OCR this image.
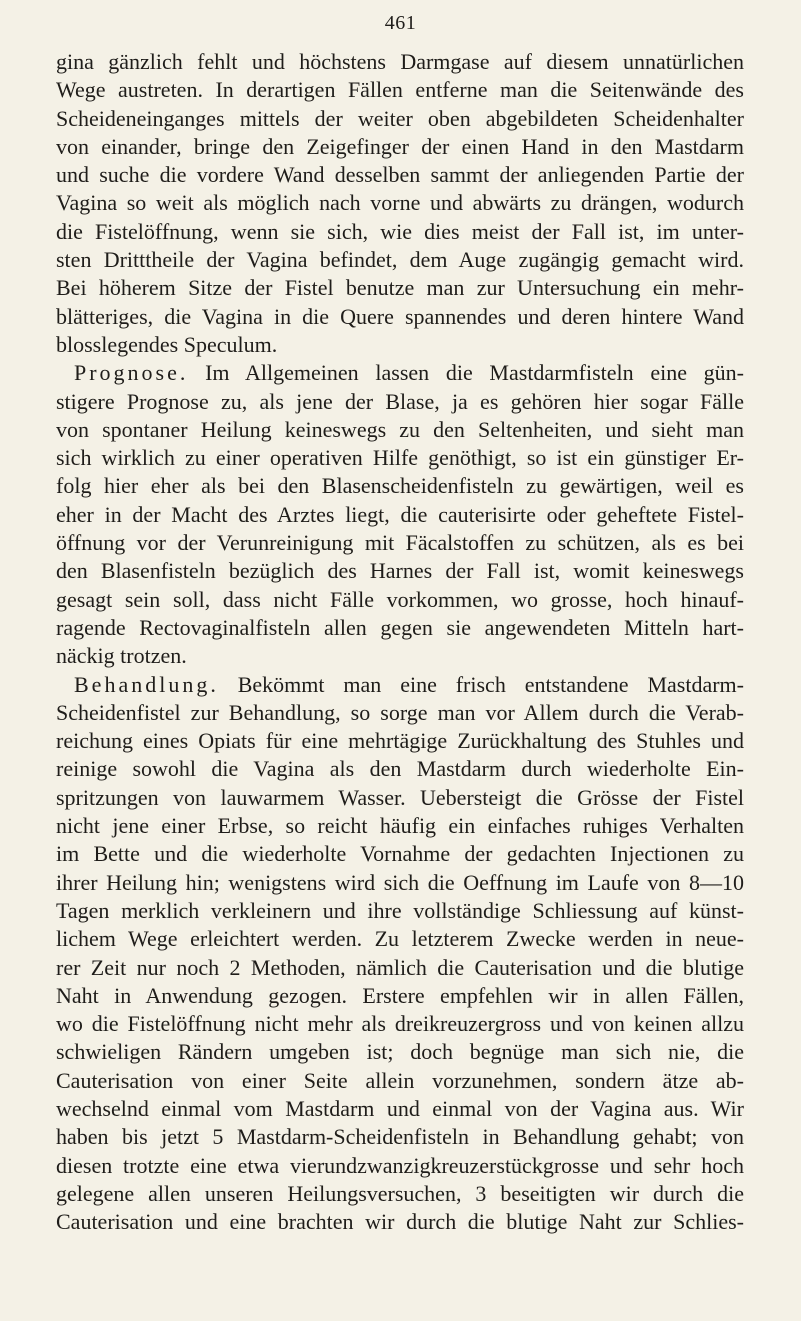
461
gina gänzlich fehlt und höchstens Darmgase auf diesem unnatürlichen
Wege austreten. In derartigen Fällen entferne man die Seitenwände des
Scheideneinganges mittels der weiter oben abgebildeten Scheidenhalter
von einander, bringe den Zeigefinger der einen Hand in den Mastdarm
und suche die vordere Wand desselben sammt der anliegenden Partie der
Vagina so weit als möglich nach vorne und abwärts zu drängen, wodurch
die Fistelöffnung, wenn sie sich, wie dies meist der Fall ist, im unter-
sten Dritttheile der Vagina befindet, dem Auge zugängig gemacht wird.
Bei höherem Sitze der Fistel benutze man zur Untersuchung ein mehr-
blätteriges, die Vagina in die Quere spannendes und deren hintere Wand
blosslegendes Speculum.
Prognose. Im Allgemeinen lassen die Mastdarmfisteln eine gün-
stigere Prognose zu, als jene der Blase, ja es gehören hier sogar Fälle
von spontaner Heilung keineswegs zu den Seltenheiten, und sieht man
sich wirklich zu einer operativen Hilfe genöthigt, so ist ein günstiger Er-
folg hier eher als bei den Blasenscheidenfisteln zu gewärtigen, weil es
eher in der Macht des Arztes liegt, die cauterisirte oder geheftete Fistel-
öffnung vor der Verunreinigung mit Fäcalstoffen zu schützen, als es bei
den Blasenfisteln bezüglich des Harnes der Fall ist, womit keineswegs
gesagt sein soll, dass nicht Fälle vorkommen, wo grosse, hoch hinauf-
ragende Rectovaginalfisteln allen gegen sie angewendeten Mitteln hart-
näckig trotzen.
Behandlung. Bekömmt man eine frisch entstandene Mastdarm-
Scheidenfistel zur Behandlung, so sorge man vor Allem durch die Verab-
reichung eines Opiats für eine mehrtägige Zurückhaltung des Stuhles und
reinige sowohl die Vagina als den Mastdarm durch wiederholte Ein-
spritzungen von lauwarmem Wasser. Uebersteigt die Grösse der Fistel
nicht jene einer Erbse, so reicht häufig ein einfaches ruhiges Verhalten
im Bette und die wiederholte Vornahme der gedachten Injectionen zu
ihrer Heilung hin; wenigstens wird sich die Oeffnung im Laufe von 8—10
Tagen merklich verkleinern und ihre vollständige Schliessung auf künst-
lichem Wege erleichtert werden. Zu letzterem Zwecke werden in neue-
rer Zeit nur noch 2 Methoden, nämlich die Cauterisation und die blutige
Naht in Anwendung gezogen. Erstere empfehlen wir in allen Fällen,
wo die Fistelöffnung nicht mehr als dreikreuzergross und von keinen allzu
schwieligen Rändern umgeben ist; doch begnüge man sich nie, die
Cauterisation von einer Seite allein vorzunehmen, sondern ätze ab-
wechselnd einmal vom Mastdarm und einmal von der Vagina aus. Wir
haben bis jetzt 5 Mastdarm-Scheidenfisteln in Behandlung gehabt; von
diesen trotzte eine etwa vierundzwanzigkreuzerstückgrosse und sehr hoch
gelegene allen unseren Heilungsversuchen, 3 beseitigten wir durch die
Cauterisation und eine brachten wir durch die blutige Naht zur Schlies-
